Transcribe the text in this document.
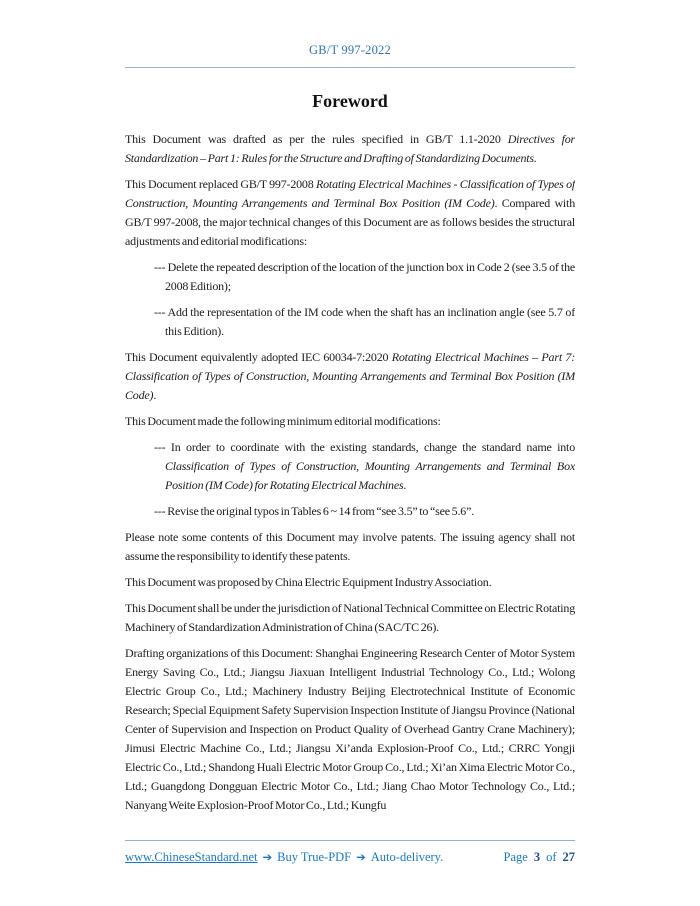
GB/T 997-2022
Foreword

This Document was drafted as per the rules specified in GB/T 1.1-2020 Directives for Standardization – Part 1: Rules for the Structure and Drafting of Standardizing Documents.

This Document replaced GB/T 997-2008 Rotating Electrical Machines - Classification of Types of Construction, Mounting Arrangements and Terminal Box Position (IM Code). Compared with GB/T 997-2008, the major technical changes of this Document are as follows besides the structural adjustments and editorial modifications:

--- Delete the repeated description of the location of the junction box in Code 2 (see 3.5 of the 2008 Edition);

--- Add the representation of the IM code when the shaft has an inclination angle (see 5.7 of this Edition).

This Document equivalently adopted IEC 60034-7:2020 Rotating Electrical Machines – Part 7: Classification of Types of Construction, Mounting Arrangements and Terminal Box Position (IM Code).

This Document made the following minimum editorial modifications:

--- In order to coordinate with the existing standards, change the standard name into Classification of Types of Construction, Mounting Arrangements and Terminal Box Position (IM Code) for Rotating Electrical Machines.

--- Revise the original typos in Tables 6 ~ 14 from “see 3.5” to “see 5.6”.

Please note some contents of this Document may involve patents. The issuing agency shall not assume the responsibility to identify these patents.

This Document was proposed by China Electric Equipment Industry Association.

This Document shall be under the jurisdiction of National Technical Committee on Electric Rotating Machinery of Standardization Administration of China (SAC/TC 26).

Drafting organizations of this Document: Shanghai Engineering Research Center of Motor System Energy Saving Co., Ltd.; Jiangsu Jiaxuan Intelligent Industrial Technology Co., Ltd.; Wolong Electric Group Co., Ltd.; Machinery Industry Beijing Electrotechnical Institute of Economic Research; Special Equipment Safety Supervision Inspection Institute of Jiangsu Province (National Center of Supervision and Inspection on Product Quality of Overhead Gantry Crane Machinery); Jimusi Electric Machine Co., Ltd.; Jiangsu Xi’anda Explosion-Proof Co., Ltd.; CRRC Yongji Electric Co., Ltd.; Shandong Huali Electric Motor Group Co., Ltd.; Xi’an Xima Electric Motor Co., Ltd.; Guangdong Dongguan Electric Motor Co., Ltd.; Jiang Chao Motor Technology Co., Ltd.; Nanyang Weite Explosion-Proof Motor Co., Ltd.; Kungfu

www.ChineseStandard.net ➔ Buy True-PDF ➔ Auto-delivery.	Page 3 of 27
